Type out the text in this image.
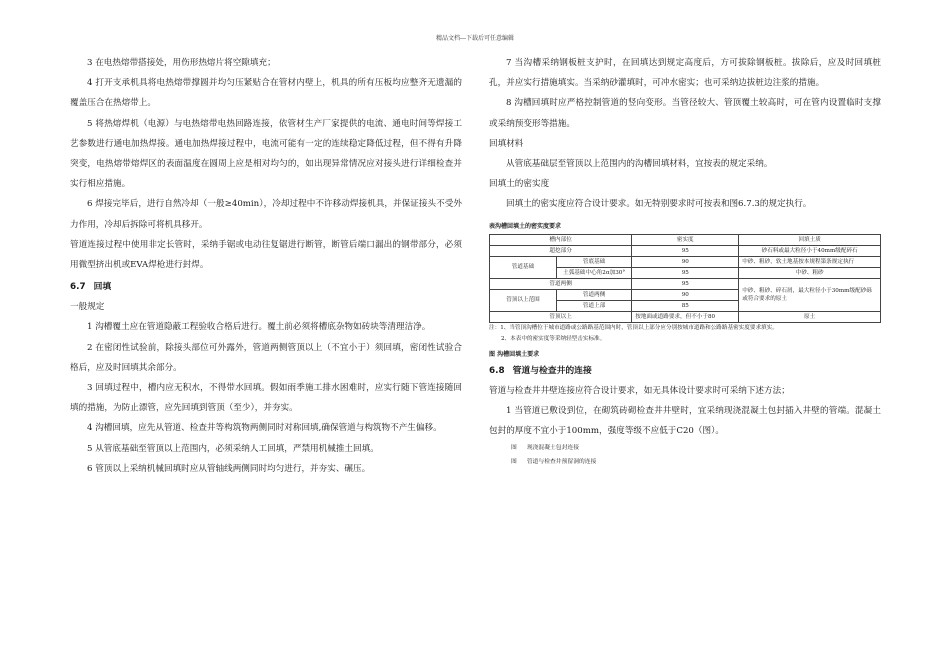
精品文档---下载后可任意编辑

3 在电热熔带搭接处，用伤形热熔片将空隙填充；

4 打开支承机具将电热熔带撑圆并均匀压紧贴合在管材内壁上，机具的所有压板均应整齐无遗漏的覆盖压合在热熔带上。

5 将热熔焊机（电源）与电热熔带电热回路连接，依管材生产厂家提供的电流、通电时间等焊接工艺参数进行通电加热焊接。通电加热焊接过程中，电流可能有一定的连续稳定降低过程，但不得有升降突变，电热熔带熔焊区的表面温度在圆周上应是相对均匀的，如出现异常情况应对接头进行详细检查并实行相应措施。

6 焊接完毕后，进行自然冷却（一般≥40min），冷却过程中不许移动焊接机具，并保证接头不受外力作用，冷却后拆除可将机具移开。

管道连接过程中使用非定长管时，采纳手锯或电动往复锯进行断管，断管后端口漏出的钢带部分，必须用微型挤出机或EVA焊枪进行封焊。

6.7 回填

一般规定

1 沟槽覆土应在管道隐蔽工程验收合格后进行。覆土前必须将槽底杂物如砖块等清理洁净。

2 在密闭性试验前，除接头部位可外露外，管道两侧管顶以上（不宜小于）须回填，密闭性试验合格后，应及时回填其余部分。

3 回填过程中，槽内应无积水，不得带水回填。假如雨季施工排水困难时，应实行随下管连接随回填的措施，为防止漂管，应先回填到管顶（至少），并夯实。

4 沟槽回填，应先从管道、检查井等构筑物两侧同时对称回填,确保管道与构筑物不产生偏移。

5 从管底基础至管顶以上范围内，必须采纳人工回填，严禁用机械推土回填。

6 管顶以上采纳机械回填时应从管轴线两侧同时均匀进行，并夯实、碾压。

7 当沟槽采纳钢板桩支护时，在回填达到规定高度后，方可拔除钢板桩。拔除后，应及时回填桩孔，并应实行措施填实。当采纳砂灌填时，可冲水密实；也可采纳边拔桩边注浆的措施。

8 沟槽回填时应严格控制管道的竖向变形。当管径较大、管顶覆土较高时，可在管内设置临时支撑或采纳预变形等措施。

回填材料

从管底基础层至管顶以上范围内的沟槽回填材料，宜按表的规定采纳。

回填土的密实度

回填土的密实度应符合设计要求。如无特别要求时可按表和图6.7.3的规定执行。

表沟槽回填土的密实度要求
槽内部位		密实度	回填土质
超挖部分		95	砂石料或最大粒径小于40mm级配碎石
管道基础	管底基础	90	中砂、粗砂，软土地基按本规程第条规定执行
	土弧基础中心角2α加30°	95	中砂、粗砂
管道两侧		95	中砂、粗砂、碎石屑，最大粒径小于30mm级配砂砾或符合要求的原土
管顶以上范围	管道两侧	90	
	管道上部	85	
管顶以上		按地面或道路要求，但不小于80	原土

注：1、当管顶沟槽位于城市道路或公路路基范围内时，管顶以上部分应分别按城市道路和公路路基密实度要求填实。

2、本表中的密实度等采纳轻型击实标准。

图 沟槽回填土要求

6.8 管道与检查井的连接

管道与检查井井壁连接应符合设计要求，如无具体设计要求时可采纳下述方法；

1 当管道已敷设到位，在砌筑砖砌检查井井壁时，宜采纳现浇混凝土包封插入井壁的管端。混凝土包封的厚度不宜小于100mm，强度等级不应低于C20（图）。

图 现浇混凝土包封连接

图 管道与检查井预留洞的连接
